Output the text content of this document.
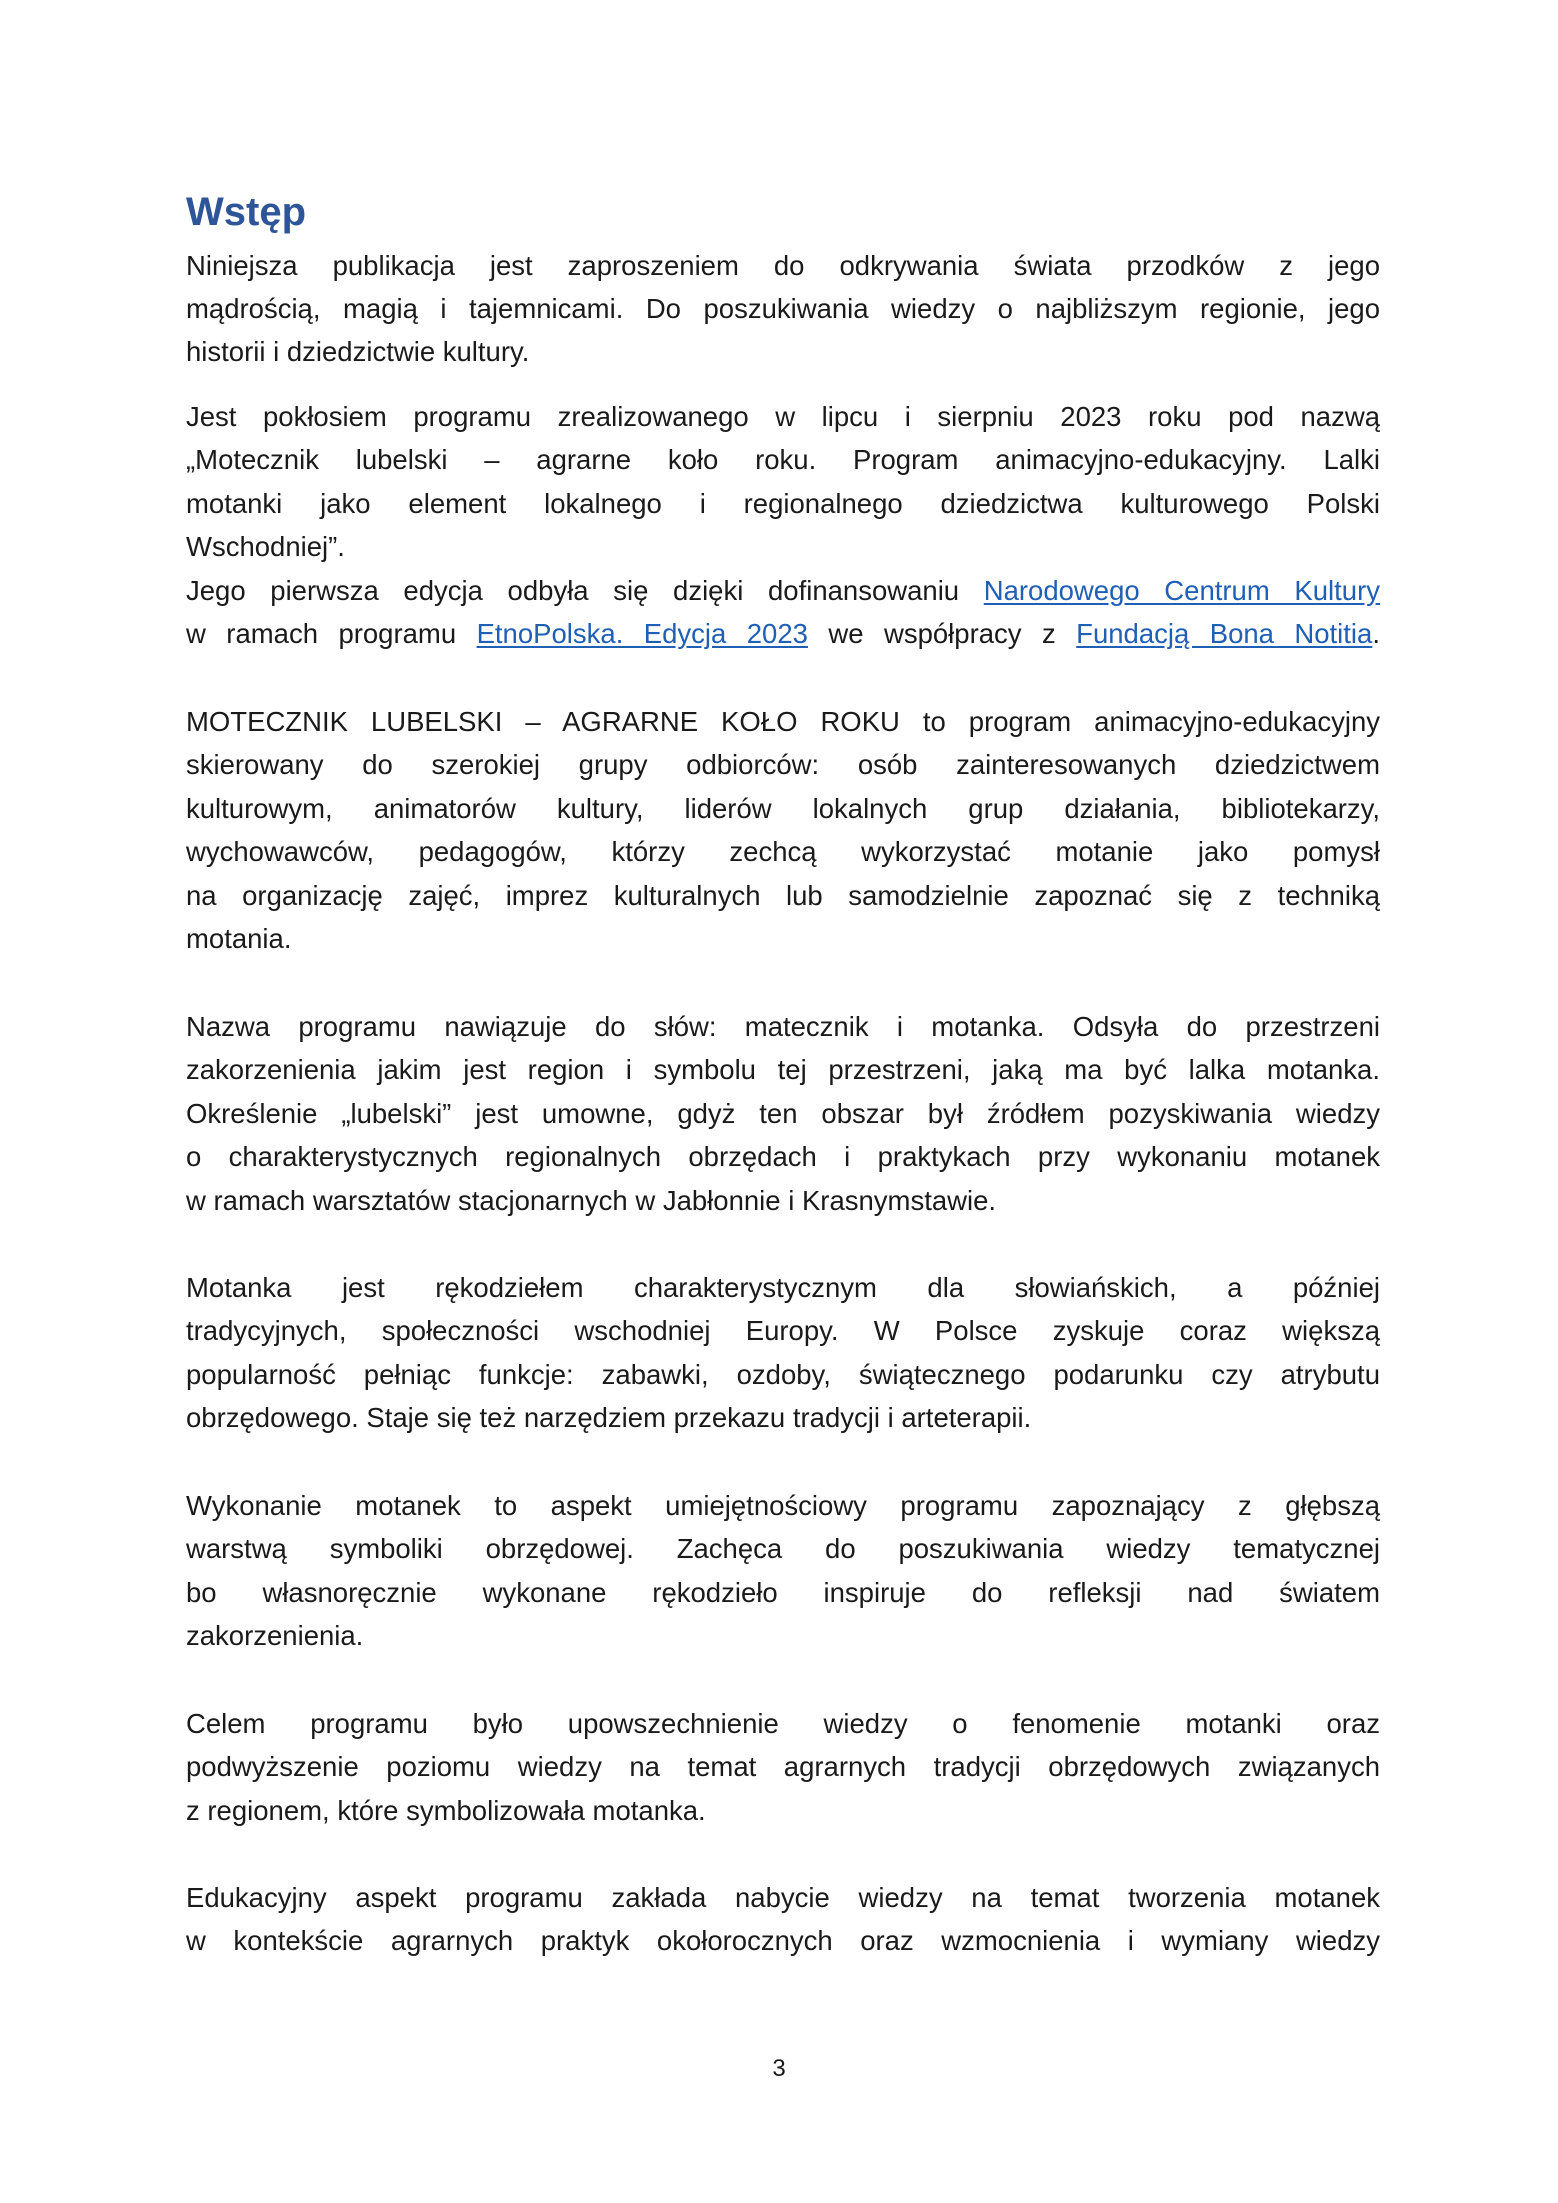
Wstęp
Niniejsza publikacja jest zaproszeniem do odkrywania świata przodków z jego
mądrością, magią i tajemnicami. Do poszukiwania wiedzy o najbliższym regionie, jego
historii i dziedzictwie kultury.
Jest pokłosiem programu zrealizowanego w lipcu i sierpniu 2023 roku pod nazwą
„Motecznik lubelski – agrarne koło roku. Program animacyjno-edukacyjny. Lalki
motanki jako element lokalnego i regionalnego dziedzictwa kulturowego Polski
Wschodniej”.
Jego pierwsza edycja odbyła się dzięki dofinansowaniu Narodowego Centrum Kultury
w ramach programu EtnoPolska. Edycja 2023 we współpracy z Fundacją Bona Notitia.
MOTECZNIK LUBELSKI – AGRARNE KOŁO ROKU to program animacyjno-edukacyjny
skierowany do szerokiej grupy odbiorców: osób zainteresowanych dziedzictwem
kulturowym, animatorów kultury, liderów lokalnych grup działania, bibliotekarzy,
wychowawców, pedagogów, którzy zechcą wykorzystać motanie jako pomysł
na organizację zajęć, imprez kulturalnych lub samodzielnie zapoznać się z techniką
motania.
Nazwa programu nawiązuje do słów: matecznik i motanka. Odsyła do przestrzeni
zakorzenienia jakim jest region i symbolu tej przestrzeni, jaką ma być lalka motanka.
Określenie „lubelski” jest umowne, gdyż ten obszar był źródłem pozyskiwania wiedzy
o charakterystycznych regionalnych obrzędach i praktykach przy wykonaniu motanek
w ramach warsztatów stacjonarnych w Jabłonnie i Krasnymstawie.
Motanka jest rękodziełem charakterystycznym dla słowiańskich, a później
tradycyjnych, społeczności wschodniej Europy. W Polsce zyskuje coraz większą
popularność pełniąc funkcje: zabawki, ozdoby, świątecznego podarunku czy atrybutu
obrzędowego. Staje się też narzędziem przekazu tradycji i arteterapii.
Wykonanie motanek to aspekt umiejętnościowy programu zapoznający z głębszą
warstwą symboliki obrzędowej. Zachęca do poszukiwania wiedzy tematycznej
bo własnoręcznie wykonane rękodzieło inspiruje do refleksji nad światem
zakorzenienia.
Celem programu było upowszechnienie wiedzy o fenomenie motanki oraz
podwyższenie poziomu wiedzy na temat agrarnych tradycji obrzędowych związanych
z regionem, które symbolizowała motanka.
Edukacyjny aspekt programu zakłada nabycie wiedzy na temat tworzenia motanek
w kontekście agrarnych praktyk okołorocznych oraz wzmocnienia i wymiany wiedzy
3
